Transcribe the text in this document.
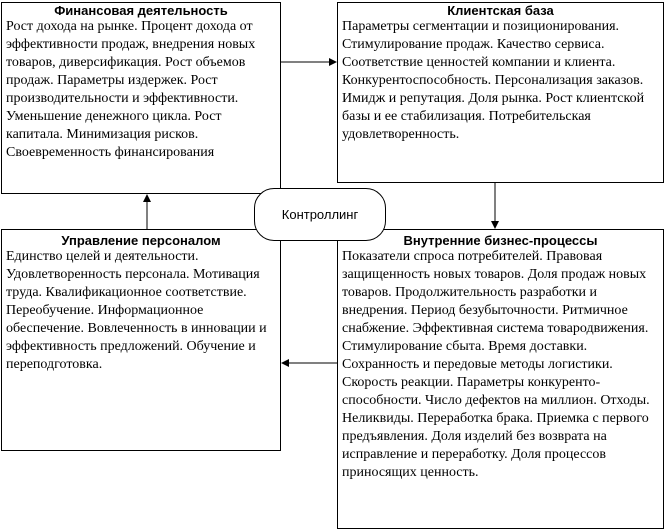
Финансовая деятельность

Рост дохода на рынке. Процент дохода от эффективности продаж, внедрения новых товаров, диверсификация. Рост объемов продаж. Параметры издержек. Рост производительности и эффективности. Уменьшение денежного цикла. Рост капитала. Минимизация рисков. Своевременность финансирования

Клиентская база

Параметры сегментации и позиционирования. Стимулирование продаж. Качество сервиса. Соответствие ценностей компании и клиента. Конкурентоспособность. Персонализация заказов. Имидж и репутация. Доля рынка. Рост клиентской базы и ее стабилизация. Потребительская удовлетворенность.

Управление персоналом

Единство целей и деятельности. Удовлетворенность персонала. Мотивация труда. Квалификационное соответствие. Переобучение. Информационное обеспечение. Вовлеченность в инновации и эффективность предложений. Обучение и переподготовка.

Внутренние бизнес-процессы

Показатели спроса потребителей. Правовая защищенность новых товаров. Доля продаж новых товаров. Продолжительность разработки и внедрения. Период безубыточности. Ритмичное снабжение. Эффективная система товародвижения. Стимулирование сбыта. Время доставки. Сохранность и передовые методы логистики. Скорость реакции. Параметры конкуренто-способности. Число дефектов на миллион. Отходы. Неликвиды. Переработка брака. Приемка с первого предъявления. Доля изделий без возврата на исправление и переработку. Доля процессов приносящих ценность.

Контроллинг
